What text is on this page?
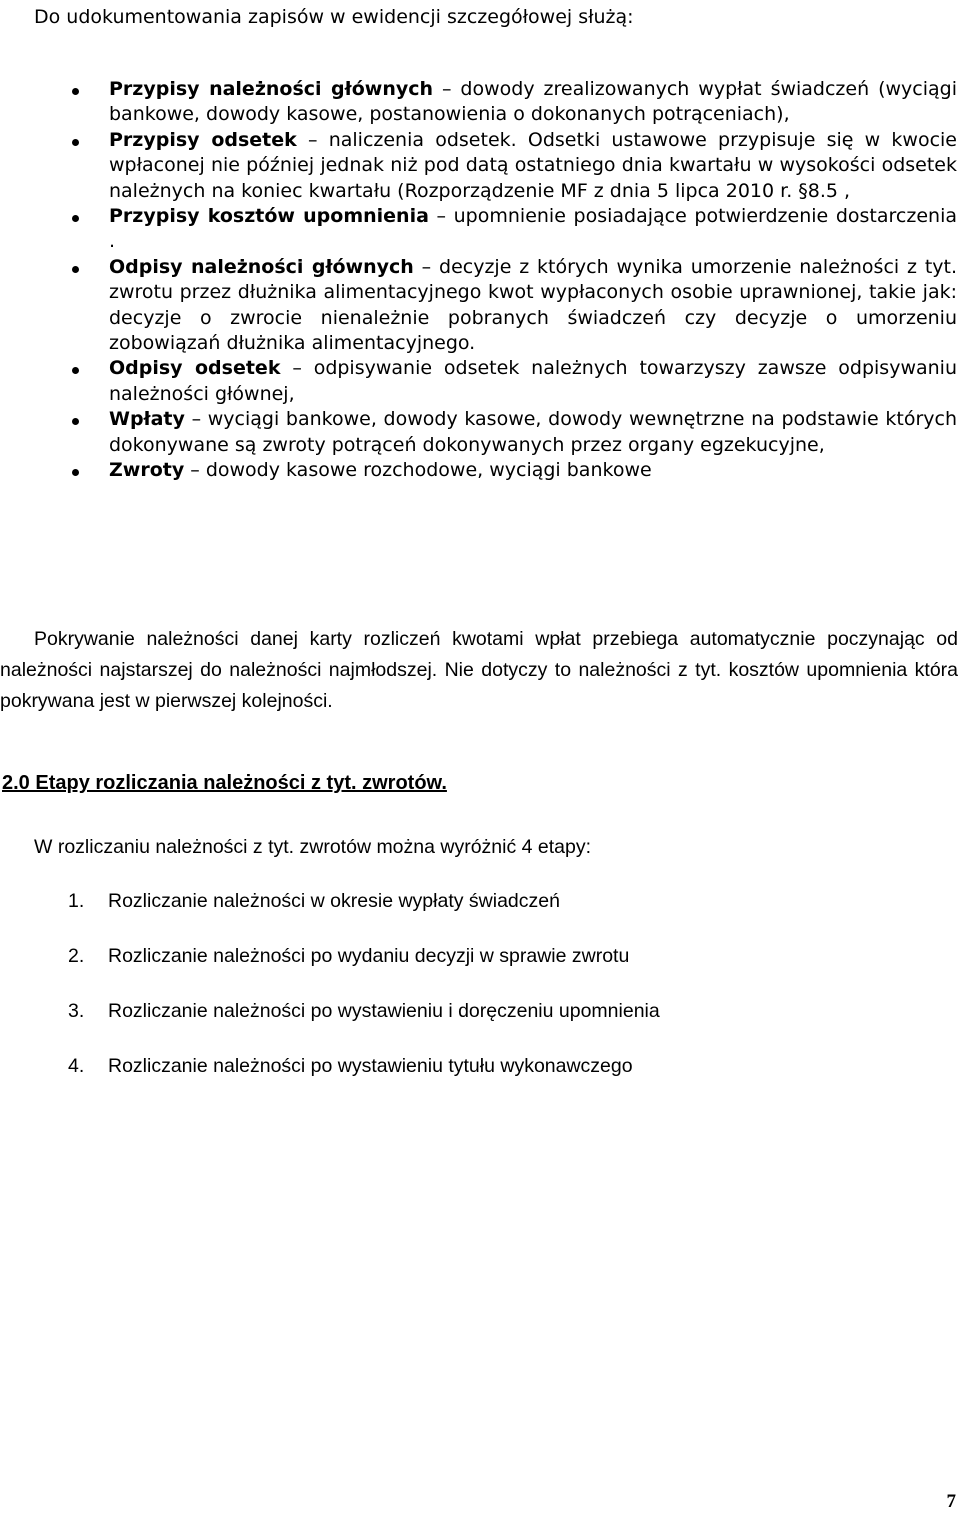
Do udokumentowania zapisów w ewidencji szczegółowej służą:
Przypisy należności głównych – dowody zrealizowanych wypłat świadczeń (wyciągi bankowe, dowody kasowe, postanowienia o dokonanych potrąceniach),
Przypisy odsetek – naliczenia odsetek. Odsetki ustawowe przypisuje się w kwocie wpłaconej nie później jednak niż pod datą ostatniego dnia kwartału w wysokości odsetek należnych na koniec kwartału (Rozporządzenie MF z dnia 5 lipca 2010 r. §8.5 ,
Przypisy kosztów upomnienia – upomnienie posiadające potwierdzenie dostarczenia .
Odpisy należności głównych – decyzje z których wynika umorzenie należności z tyt. zwrotu przez dłużnika alimentacyjnego kwot wypłaconych osobie uprawnionej, takie jak: decyzje o zwrocie nienależnie pobranych świadczeń czy decyzje o umorzeniu zobowiązań dłużnika alimentacyjnego.
Odpisy odsetek – odpisywanie odsetek należnych towarzyszy zawsze odpisywaniu należności głównej,
Wpłaty – wyciągi bankowe, dowody kasowe, dowody wewnętrzne na podstawie których dokonywane są zwroty potrąceń dokonywanych przez organy egzekucyjne,
Zwroty – dowody kasowe rozchodowe, wyciągi bankowe

Pokrywanie należności danej karty rozliczeń kwotami wpłat przebiega automatycznie poczynając od należności najstarszej do należności najmłodszej. Nie dotyczy to należności z tyt. kosztów upomnienia która pokrywana jest w pierwszej kolejności.

2.0 Etapy rozliczania należności z tyt. zwrotów.

W rozliczaniu należności z tyt. zwrotów można wyróżnić 4 etapy:

1. Rozliczanie należności w okresie wypłaty świadczeń
2. Rozliczanie należności po wydaniu decyzji w sprawie zwrotu
3. Rozliczanie należności po wystawieniu i doręczeniu upomnienia
4. Rozliczanie należności po wystawieniu tytułu wykonawczego
7
